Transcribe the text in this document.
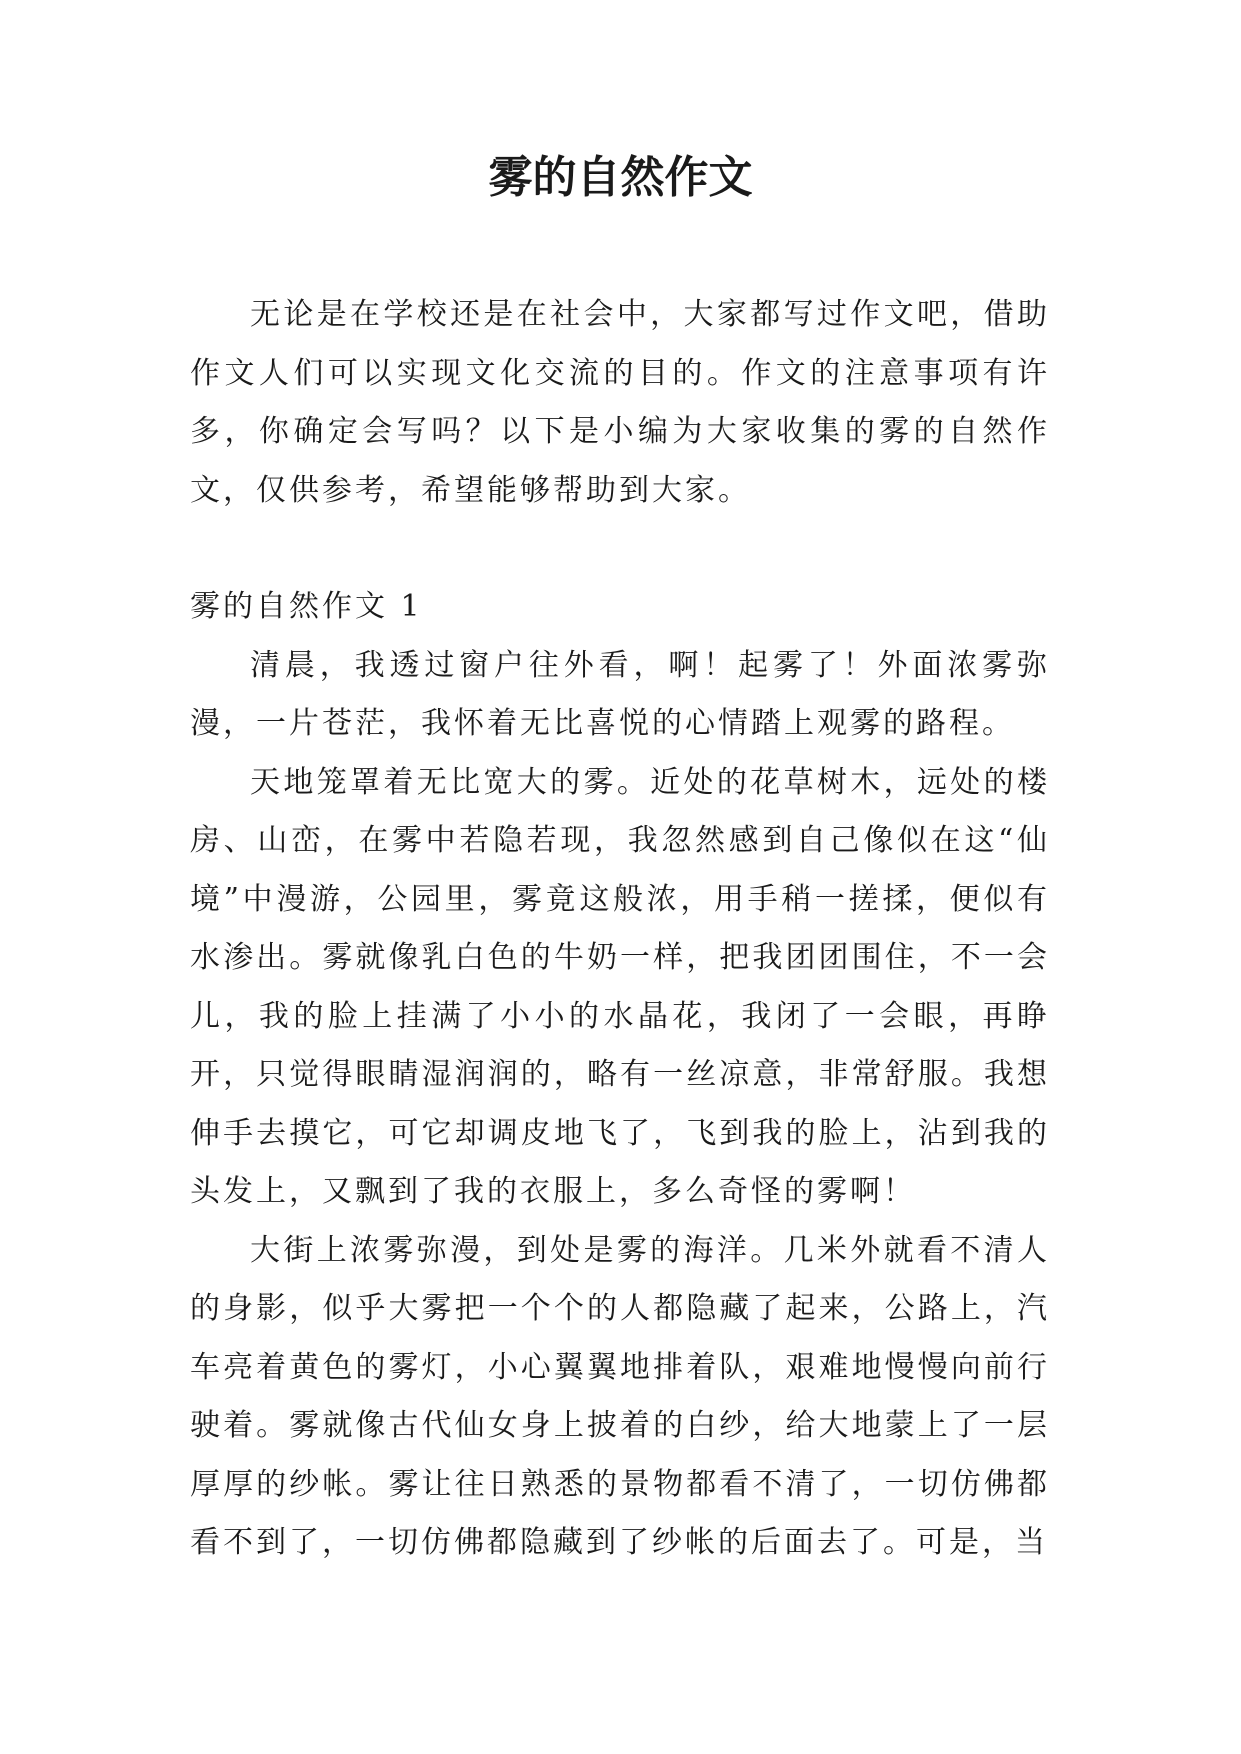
雾的自然作文

无论是在学校还是在社会中，大家都写过作文吧，借助作文人们可以实现文化交流的目的。作文的注意事项有许多，你确定会写吗？以下是小编为大家收集的雾的自然作文，仅供参考，希望能够帮助到大家。

雾的自然作文 1

清晨，我透过窗户往外看，啊！起雾了！外面浓雾弥漫，一片苍茫，我怀着无比喜悦的心情踏上观雾的路程。

天地笼罩着无比宽大的雾。近处的花草树木，远处的楼房、山峦，在雾中若隐若现，我忽然感到自己像似在这“仙境”中漫游，公园里，雾竟这般浓，用手稍一搓揉，便似有水渗出。雾就像乳白色的牛奶一样，把我团团围住，不一会儿，我的脸上挂满了小小的水晶花，我闭了一会眼，再睁开，只觉得眼睛湿润润的，略有一丝凉意，非常舒服。我想伸手去摸它，可它却调皮地飞了，飞到我的脸上，沾到我的头发上，又飘到了我的衣服上，多么奇怪的雾啊！

大街上浓雾弥漫，到处是雾的海洋。几米外就看不清人的身影，似乎大雾把一个个的人都隐藏了起来，公路上，汽车亮着黄色的雾灯，小心翼翼地排着队，艰难地慢慢向前行驶着。雾就像古代仙女身上披着的白纱，给大地蒙上了一层厚厚的纱帐。雾让往日熟悉的景物都看不清了，一切仿佛都看不到了，一切仿佛都隐藏到了纱帐的后面去了。可是，当
